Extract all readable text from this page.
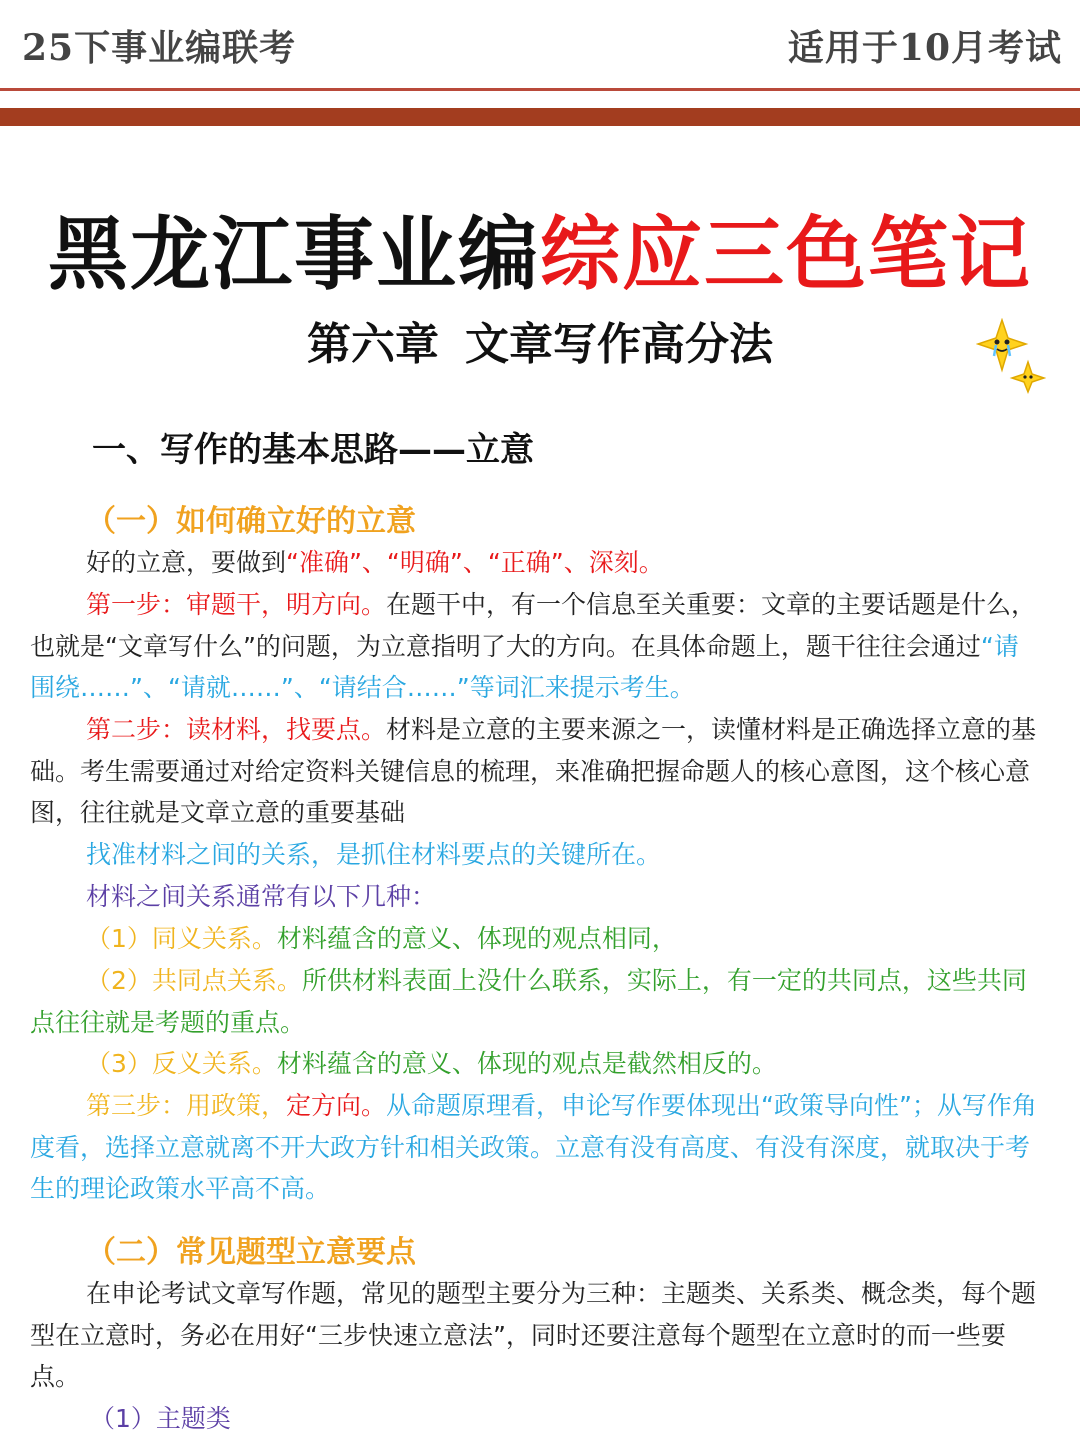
25下事业编联考	适用于10月考试
黑龙江事业编综应三色笔记
第六章 文章写作高分法
一、写作的基本思路——立意
（一）如何确立好的立意
好的立意，要做到“准确”、“明确”、“正确”、深刻。
第一步：审题干，明方向。在题干中，有一个信息至关重要：文章的主要话题是什么，也就是“文章写什么”的问题，为立意指明了大的方向。在具体命题上，题干往往会通过“请围绕……”、“请就……”、“请结合……”等词汇来提示考生。
第二步：读材料，找要点。材料是立意的主要来源之一，读懂材料是正确选择立意的基础。考生需要通过对给定资料关键信息的梳理，来准确把握命题人的核心意图，这个核心意图，往往就是文章立意的重要基础
找准材料之间的关系，是抓住材料要点的关键所在。
材料之间关系通常有以下几种：
（1）同义关系。材料蕴含的意义、体现的观点相同，
（2）共同点关系。所供材料表面上没什么联系，实际上，有一定的共同点，这些共同点往往就是考题的重点。
（3）反义关系。材料蕴含的意义、体现的观点是截然相反的。
第三步：用政策，定方向。从命题原理看，申论写作要体现出“政策导向性”；从写作角度看，选择立意就离不开大政方针和相关政策。立意有没有高度、有没有深度，就取决于考生的理论政策水平高不高。
（二）常见题型立意要点
在申论考试文章写作题，常见的题型主要分为三种：主题类、关系类、概念类，每个题型在立意时，务必在用好“三步快速立意法”，同时还要注意每个题型在立意时的而一些要点。
（1）主题类
